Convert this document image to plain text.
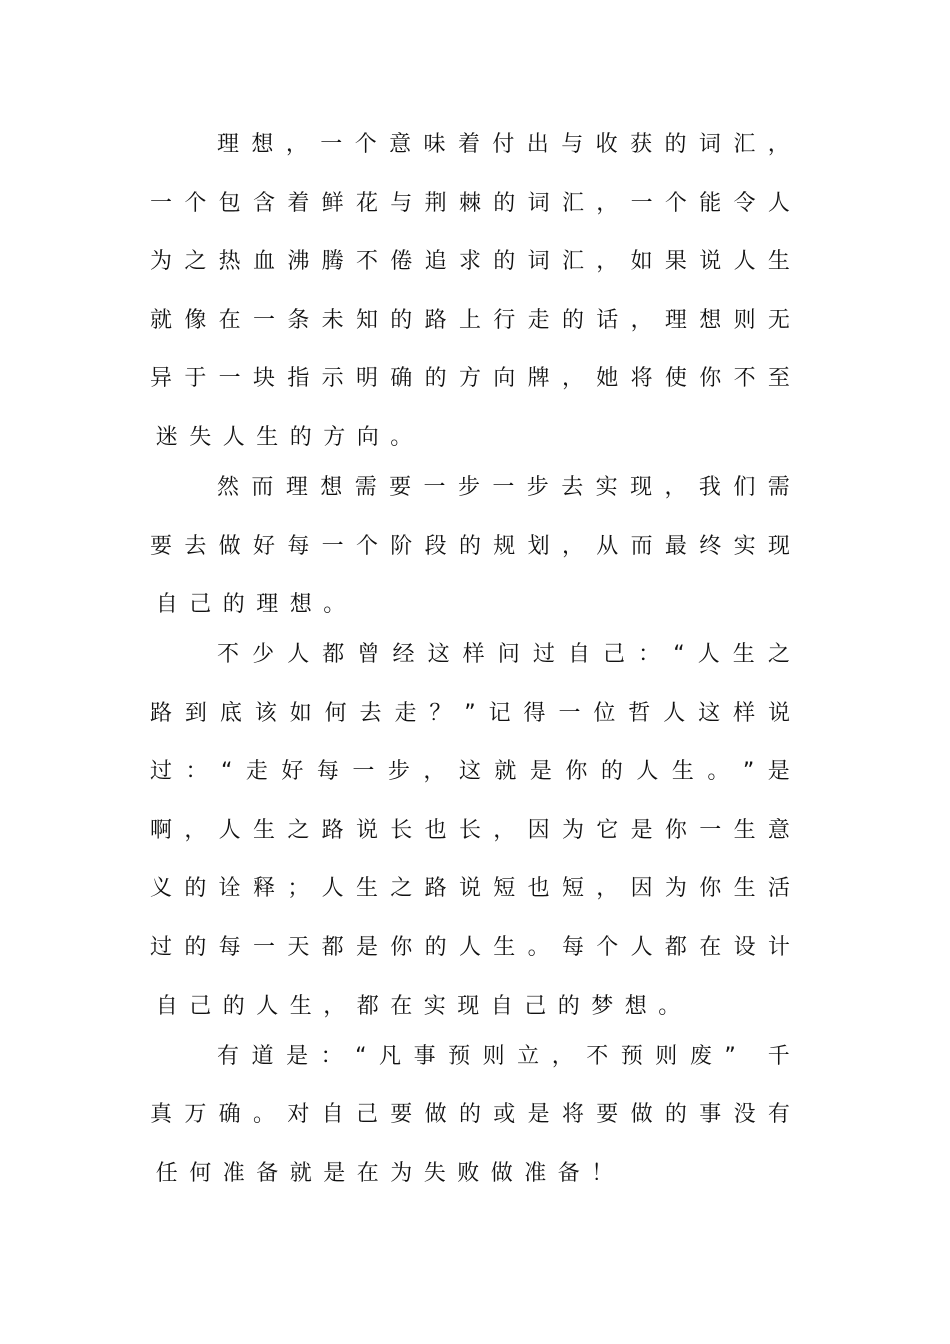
理 想 ， 一 个 意 味 着 付 出 与 收 获 的 词 汇 ，
一 个 包 含 着 鲜 花 与 荆 棘 的 词 汇 ， 一 个 能 令 人
为 之 热 血 沸 腾 不 倦 追 求 的 词 汇 ， 如 果 说 人 生
就 像 在 一 条 未 知 的 路 上 行 走 的 话 ， 理 想 则 无
异 于 一 块 指 示 明 确 的 方 向 牌 ， 她 将 使 你 不 至
迷 失 人 生 的 方 向 。
然 而 理 想 需 要 一 步 一 步 去 实 现 ， 我 们 需
要 去 做 好 每 一 个 阶 段 的 规 划 ， 从 而 最 终 实 现
自 己 的 理 想 。
不 少 人 都 曾 经 这 样 问 过 自 己 ： “ 人 生 之
路 到 底 该 如 何 去 走 ？ ” 记 得 一 位 哲 人 这 样 说
过 ： “ 走 好 每 一 步 ， 这 就 是 你 的 人 生 。 ” 是
啊 ， 人 生 之 路 说 长 也 长 ， 因 为 它 是 你 一 生 意
义 的 诠 释 ； 人 生 之 路 说 短 也 短 ， 因 为 你 生 活
过 的 每 一 天 都 是 你 的 人 生 。 每 个 人 都 在 设 计
自 己 的 人 生 ， 都 在 实 现 自 己 的 梦 想 。
有 道 是 ： “ 凡 事 预 则 立 ， 不 预 则 废 ”
千
真 万 确 。 对 自 己 要 做 的 或 是 将 要 做 的 事 没 有
任 何 准 备 就 是 在 为 失 败 做 准 备 ！
